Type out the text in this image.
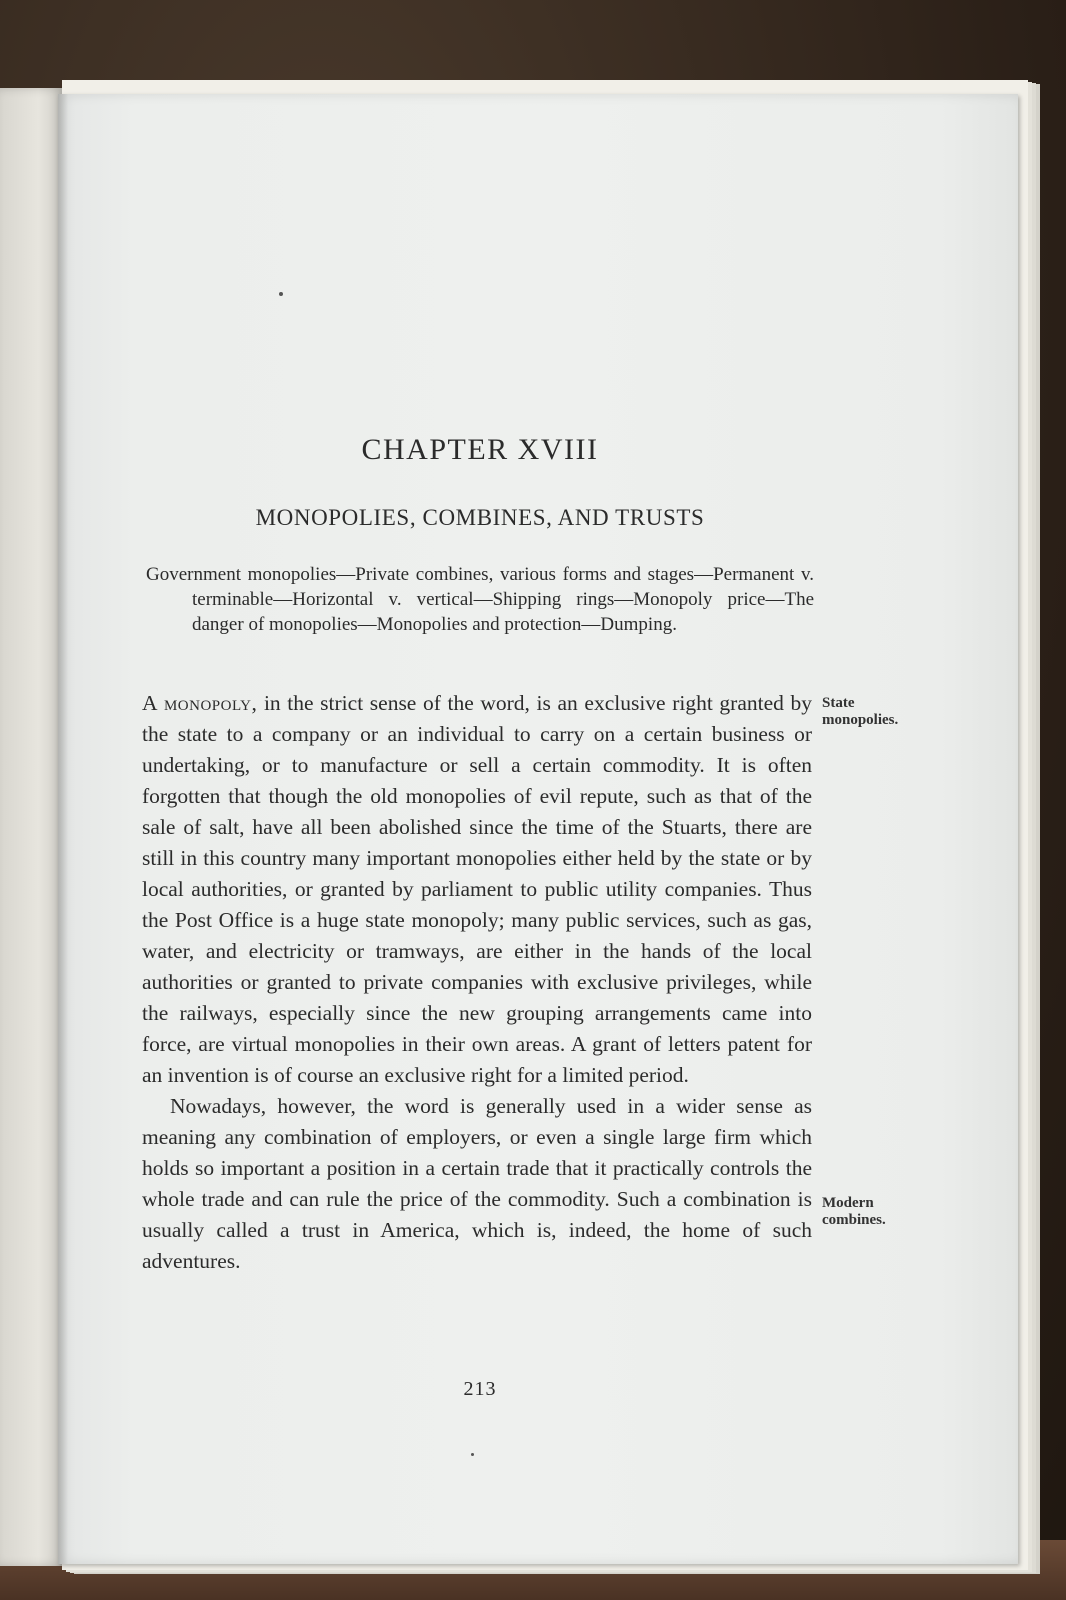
CHAPTER XVIII
MONOPOLIES, COMBINES, AND TRUSTS
Government monopolies—Private combines, various forms and stages—Permanent v. terminable—Horizontal v. vertical—Shipping rings—Monopoly price—The danger of monopolies—Monopolies and protection—Dumping.

A monopoly, in the strict sense of the word, is an exclusive right granted by the state to a company or an individual to carry on a certain business or undertaking, or to manufacture or sell a certain commodity. It is often forgotten that though the old monopolies of evil repute, such as that of the sale of salt, have all been abolished since the time of the Stuarts, there are still in this country many important monopolies either held by the state or by local authorities, or granted by parliament to public utility companies. Thus the Post Office is a huge state monopoly; many public services, such as gas, water, and electricity or tramways, are either in the hands of the local authorities or granted to private companies with exclusive privileges, while the railways, especially since the new grouping arrangements came into force, are virtual monopolies in their own areas. A grant of letters patent for an invention is of course an exclusive right for a limited period.

Nowadays, however, the word is generally used in a wider sense as meaning any combination of employers, or even a single large firm which holds so important a position in a certain trade that it practically controls the whole trade and can rule the price of the commodity. Such a combination is usually called a trust in America, which is, indeed, the home of such adventures.

State
monopolies.
Modern
combines.
213
